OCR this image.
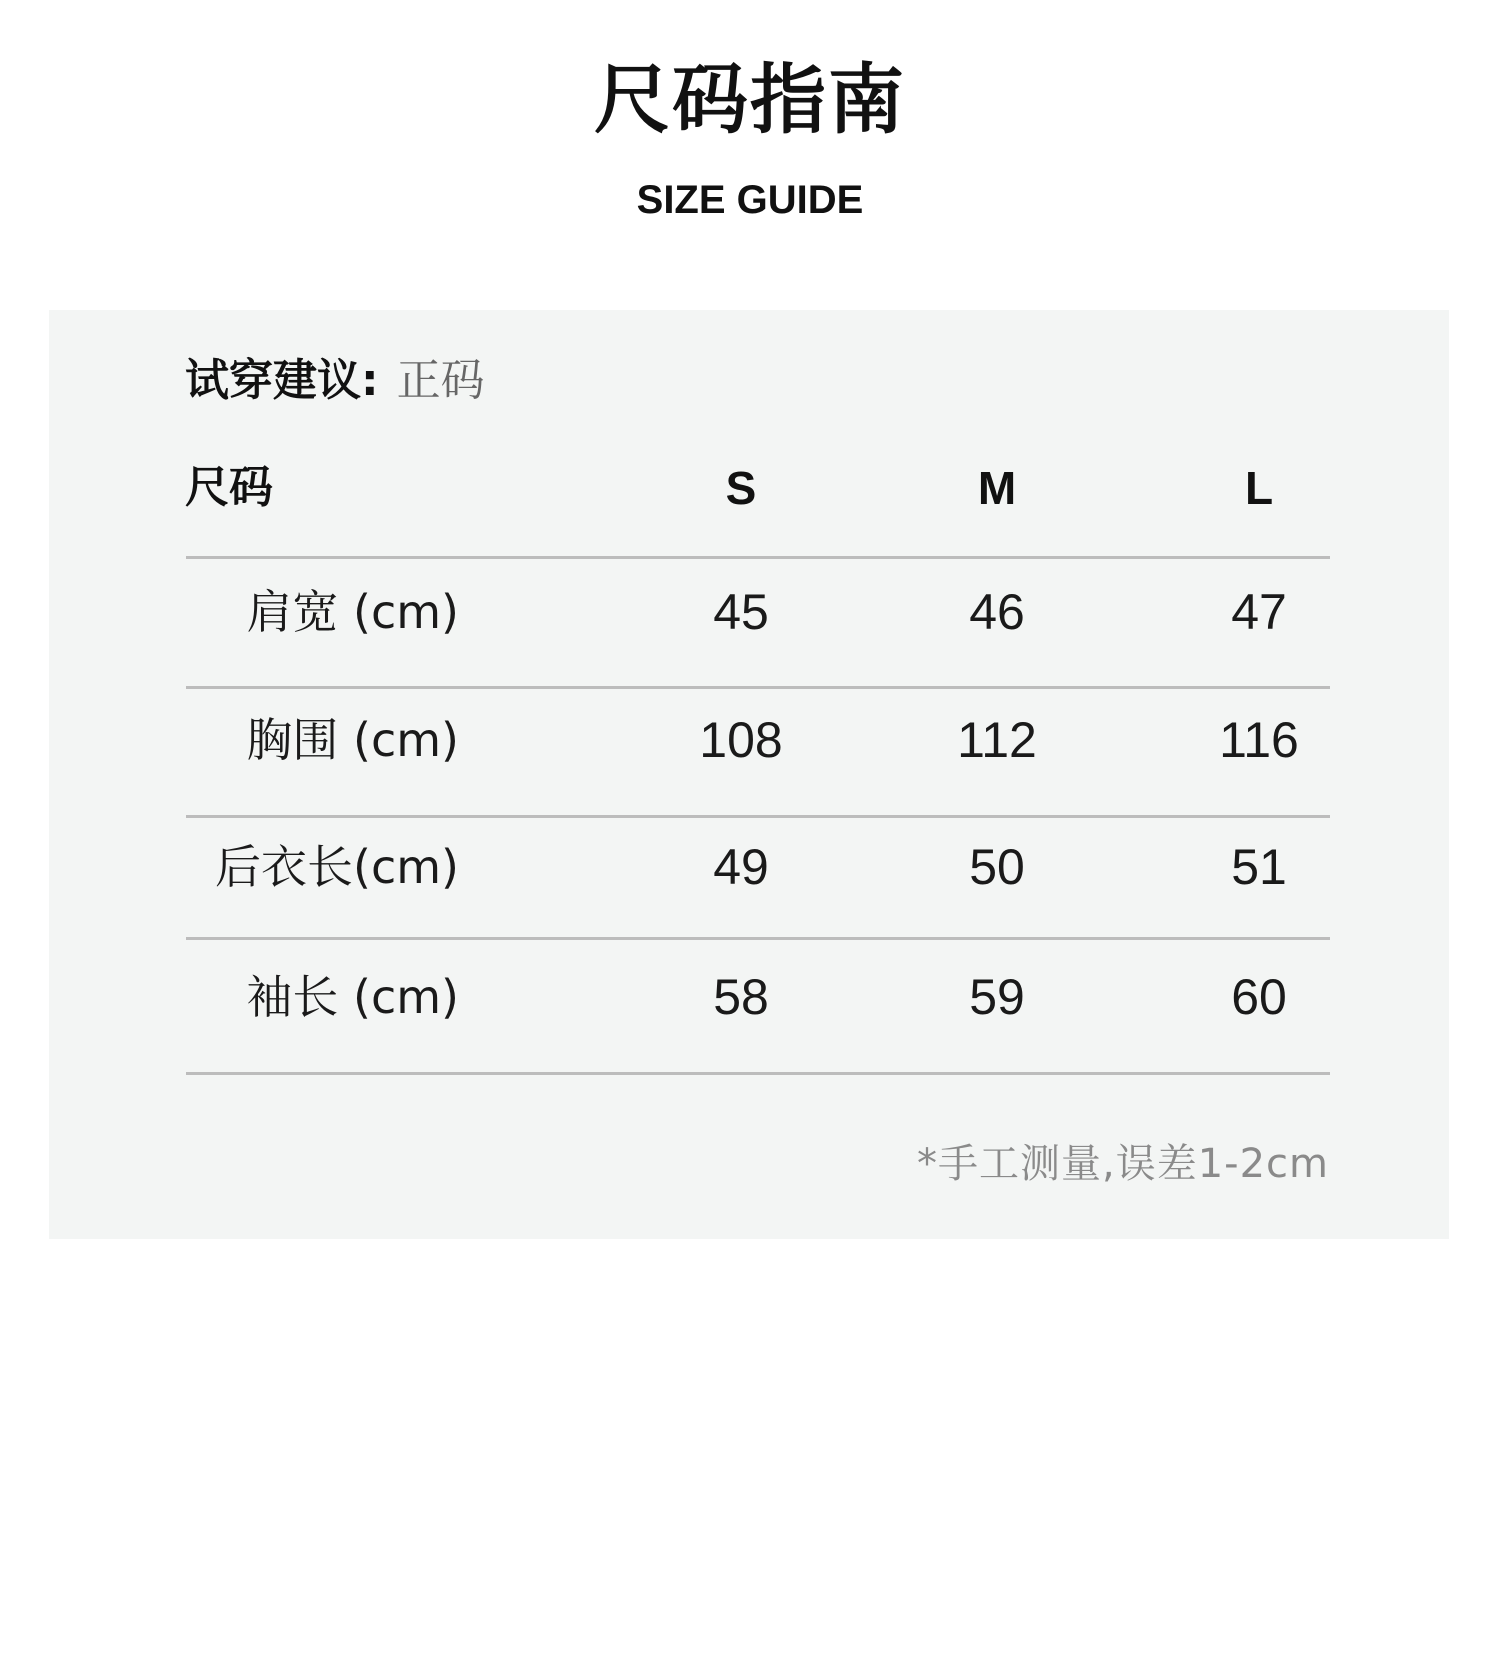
尺码指南
SIZE GUIDE
试穿建议: 正码
尺码	S	M	L
肩宽 (cm)	45	46	47
胸围 (cm)	108	112	116
后衣长(cm)	49	50	51
袖长 (cm)	58	59	60
*手工测量,误差1-2cm
